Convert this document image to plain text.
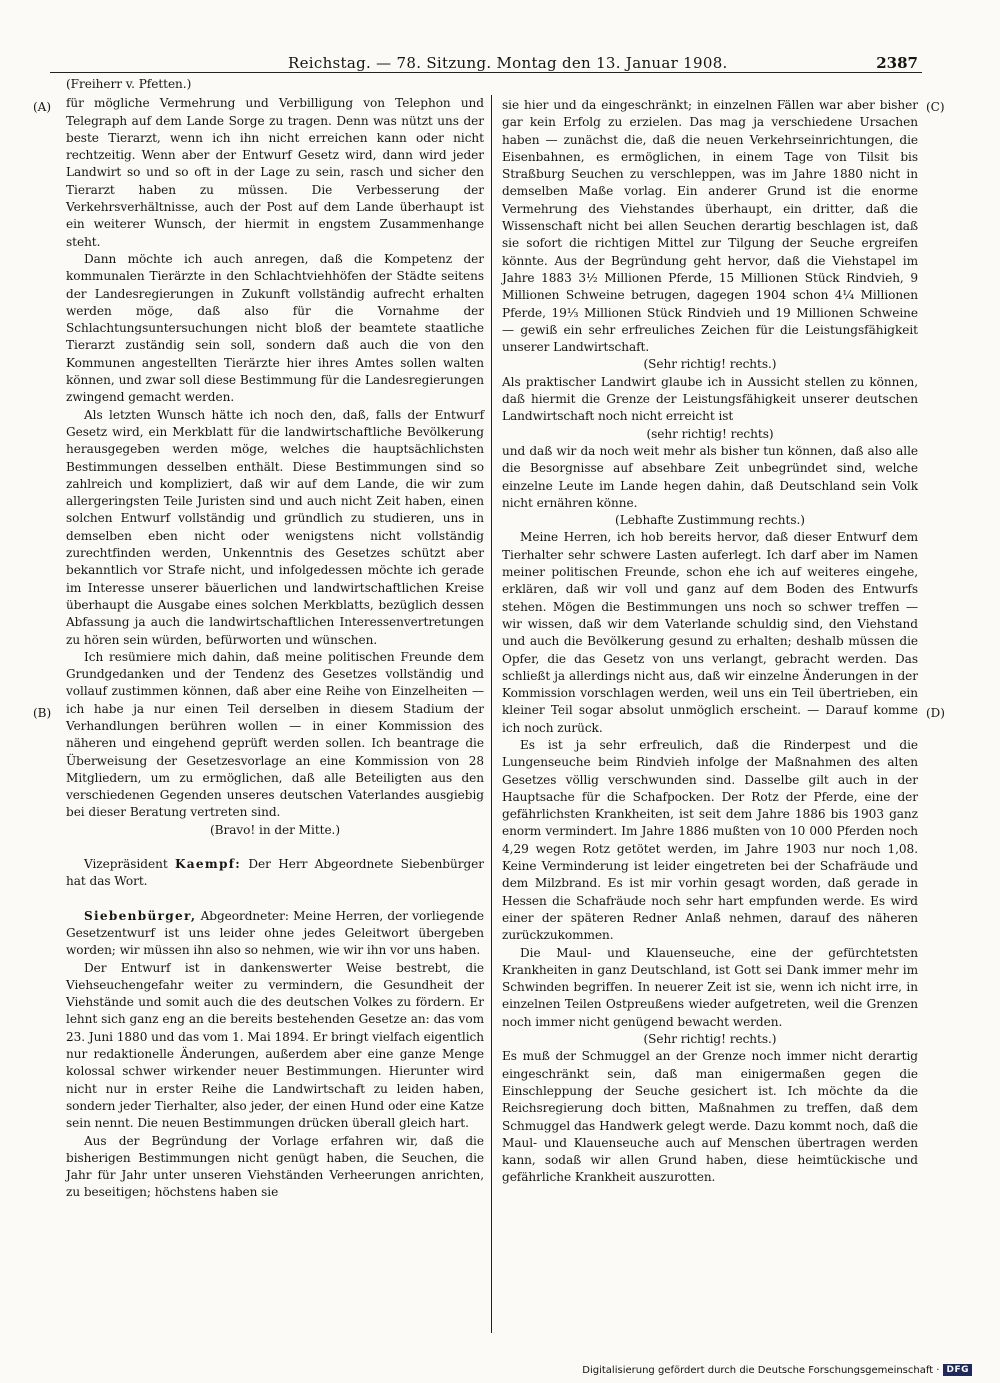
Reichstag. — 78. Sitzung. Montag den 13. Januar 1908.	2387
(A)
(B)
(C)
(D)

(Freiherr v. Pfetten.)

für mögliche Vermehrung und Verbilligung von Telephon und Telegraph auf dem Lande Sorge zu tragen. Denn was nützt uns der beste Tierarzt, wenn ich ihn nicht erreichen kann oder nicht rechtzeitig. Wenn aber der Entwurf Gesetz wird, dann wird jeder Landwirt so und so oft in der Lage zu sein, rasch und sicher den Tierarzt haben zu müssen. Die Verbesserung der Verkehrsverhältnisse, auch der Post auf dem Lande überhaupt ist ein weiterer Wunsch, der hiermit in engstem Zusammenhange steht.

Dann möchte ich auch anregen, daß die Kompetenz der kommunalen Tierärzte in den Schlachtviehhöfen der Städte seitens der Landesregierungen in Zukunft vollständig aufrecht erhalten werden möge, daß also für die Vornahme der Schlachtungsuntersuchungen nicht bloß der beamtete staatliche Tierarzt zuständig sein soll, sondern daß auch die von den Kommunen angestellten Tierärzte hier ihres Amtes sollen walten können, und zwar soll diese Bestimmung für die Landesregierungen zwingend gemacht werden.

Als letzten Wunsch hätte ich noch den, daß, falls der Entwurf Gesetz wird, ein Merkblatt für die landwirtschaftliche Bevölkerung herausgegeben werden möge, welches die hauptsächlichsten Bestimmungen desselben enthält. Diese Bestimmungen sind so zahlreich und kompliziert, daß wir auf dem Lande, die wir zum allergeringsten Teile Juristen sind und auch nicht Zeit haben, einen solchen Entwurf vollständig und gründlich zu studieren, uns in demselben eben nicht oder wenigstens nicht vollständig zurechtfinden werden, Unkenntnis des Gesetzes schützt aber bekanntlich vor Strafe nicht, und infolgedessen möchte ich gerade im Interesse unserer bäuerlichen und landwirtschaftlichen Kreise überhaupt die Ausgabe eines solchen Merkblatts, bezüglich dessen Abfassung ja auch die landwirtschaftlichen Interessenvertretungen zu hören sein würden, befürworten und wünschen.

Ich resümiere mich dahin, daß meine politischen Freunde dem Grundgedanken und der Tendenz des Gesetzes vollständig und vollauf zustimmen können, daß aber eine Reihe von Einzelheiten — ich habe ja nur einen Teil derselben in diesem Stadium der Verhandlungen berühren wollen — in einer Kommission des näheren und eingehend geprüft werden sollen. Ich beantrage die Überweisung der Gesetzesvorlage an eine Kommission von 28 Mitgliedern, um zu ermöglichen, daß alle Beteiligten aus den verschiedenen Gegenden unseres deutschen Vaterlandes ausgiebig bei dieser Beratung vertreten sind.

(Bravo! in der Mitte.)

Vizepräsident Kaempf: Der Herr Abgeordnete Siebenbürger hat das Wort.

Siebenbürger, Abgeordneter: Meine Herren, der vorliegende Gesetzentwurf ist uns leider ohne jedes Geleitwort übergeben worden; wir müssen ihn also so nehmen, wie wir ihn vor uns haben.

Der Entwurf ist in dankenswerter Weise bestrebt, die Viehseuchengefahr weiter zu vermindern, die Gesundheit der Viehstände und somit auch die des deutschen Volkes zu fördern. Er lehnt sich ganz eng an die bereits bestehenden Gesetze an: das vom 23. Juni 1880 und das vom 1. Mai 1894. Er bringt vielfach eigentlich nur redaktionelle Änderungen, außerdem aber eine ganze Menge kolossal schwer wirkender neuer Bestimmungen. Hierunter wird nicht nur in erster Reihe die Landwirtschaft zu leiden haben, sondern jeder Tierhalter, also jeder, der einen Hund oder eine Katze sein nennt. Die neuen Bestimmungen drücken überall gleich hart.

Aus der Begründung der Vorlage erfahren wir, daß die bisherigen Bestimmungen nicht genügt haben, die Seuchen, die Jahr für Jahr unter unseren Viehständen Verheerungen anrichten, zu beseitigen; höchstens haben sie

sie hier und da eingeschränkt; in einzelnen Fällen war aber bisher gar kein Erfolg zu erzielen. Das mag ja verschiedene Ursachen haben — zunächst die, daß die neuen Verkehrseinrichtungen, die Eisenbahnen, es ermöglichen, in einem Tage von Tilsit bis Straßburg Seuchen zu verschleppen, was im Jahre 1880 nicht in demselben Maße vorlag. Ein anderer Grund ist die enorme Vermehrung des Viehstandes überhaupt, ein dritter, daß die Wissenschaft nicht bei allen Seuchen derartig beschlagen ist, daß sie sofort die richtigen Mittel zur Tilgung der Seuche ergreifen könnte. Aus der Begründung geht hervor, daß die Viehstapel im Jahre 1883 3½ Millionen Pferde, 15 Millionen Stück Rindvieh, 9 Millionen Schweine betrugen, dagegen 1904 schon 4¼ Millionen Pferde, 19⅓ Millionen Stück Rindvieh und 19 Millionen Schweine — gewiß ein sehr erfreuliches Zeichen für die Leistungsfähigkeit unserer Landwirtschaft.

(Sehr richtig! rechts.)

Als praktischer Landwirt glaube ich in Aussicht stellen zu können, daß hiermit die Grenze der Leistungsfähigkeit unserer deutschen Landwirtschaft noch nicht erreicht ist

(sehr richtig! rechts)

und daß wir da noch weit mehr als bisher tun können, daß also alle die Besorgnisse auf absehbare Zeit unbegründet sind, welche einzelne Leute im Lande hegen dahin, daß Deutschland sein Volk nicht ernähren könne.

(Lebhafte Zustimmung rechts.)

Meine Herren, ich hob bereits hervor, daß dieser Entwurf dem Tierhalter sehr schwere Lasten auferlegt. Ich darf aber im Namen meiner politischen Freunde, schon ehe ich auf weiteres eingehe, erklären, daß wir voll und ganz auf dem Boden des Entwurfs stehen. Mögen die Bestimmungen uns noch so schwer treffen — wir wissen, daß wir dem Vaterlande schuldig sind, den Viehstand und auch die Bevölkerung gesund zu erhalten; deshalb müssen die Opfer, die das Gesetz von uns verlangt, gebracht werden. Das schließt ja allerdings nicht aus, daß wir einzelne Änderungen in der Kommission vorschlagen werden, weil uns ein Teil übertrieben, ein kleiner Teil sogar absolut unmöglich erscheint. — Darauf komme ich noch zurück.

Es ist ja sehr erfreulich, daß die Rinderpest und die Lungenseuche beim Rindvieh infolge der Maßnahmen des alten Gesetzes völlig verschwunden sind. Dasselbe gilt auch in der Hauptsache für die Schafpocken. Der Rotz der Pferde, eine der gefährlichsten Krankheiten, ist seit dem Jahre 1886 bis 1903 ganz enorm vermindert. Im Jahre 1886 mußten von 10 000 Pferden noch 4,29 wegen Rotz getötet werden, im Jahre 1903 nur noch 1,08. Keine Verminderung ist leider eingetreten bei der Schafräude und dem Milzbrand. Es ist mir vorhin gesagt worden, daß gerade in Hessen die Schafräude noch sehr hart empfunden werde. Es wird einer der späteren Redner Anlaß nehmen, darauf des näheren zurückzukommen.

Die Maul- und Klauenseuche, eine der gefürchtetsten Krankheiten in ganz Deutschland, ist Gott sei Dank immer mehr im Schwinden begriffen. In neuerer Zeit ist sie, wenn ich nicht irre, in einzelnen Teilen Ostpreußens wieder aufgetreten, weil die Grenzen noch immer nicht genügend bewacht werden.

(Sehr richtig! rechts.)

Es muß der Schmuggel an der Grenze noch immer nicht derartig eingeschränkt sein, daß man einigermaßen gegen die Einschleppung der Seuche gesichert ist. Ich möchte da die Reichsregierung doch bitten, Maßnahmen zu treffen, daß dem Schmuggel das Handwerk gelegt werde. Dazu kommt noch, daß die Maul- und Klauenseuche auch auf Menschen übertragen werden kann, sodaß wir allen Grund haben, diese heimtückische und gefährliche Krankheit auszurotten.

Digitalisierung gefördert durch die Deutsche Forschungsgemeinschaft · DFG
